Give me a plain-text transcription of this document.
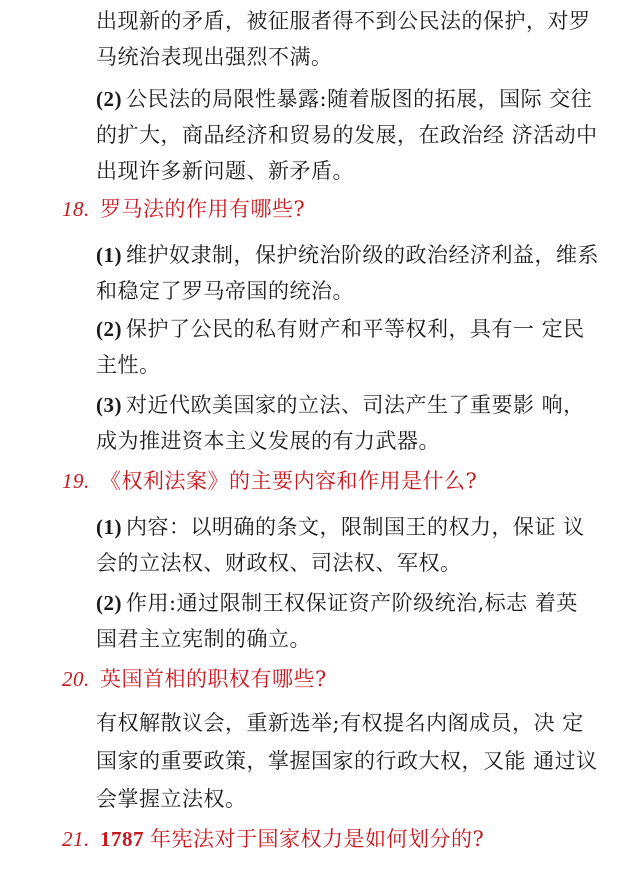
出现新的矛盾，被征服者得不到公民法的保护，对罗
马统治表现出强烈不满。
(2) 公民法的局限性暴露:随着版图的拓展，国际 交往
的扩大，商品经济和贸易的发展，在政治经 济活动中
出现许多新问题、新矛盾。
18. 罗马法的作用有哪些?
(1) 维护奴隶制，保护统治阶级的政治经济利益，维系
和稳定了罗马帝国的统治。
(2) 保护了公民的私有财产和平等权利，具有一 定民
主性。
(3) 对近代欧美国家的立法、司法产生了重要影 响，
成为推进资本主义发展的有力武器。
19. 《权利法案》的主要内容和作用是什么?
(1) 内容：以明确的条文，限制国王的权力，保证 议
会的立法权、财政权、司法权、军权。
(2) 作用:通过限制王权保证资产阶级统治,标志 着英
国君主立宪制的确立。
20. 英国首相的职权有哪些?
有权解散议会，重新选举;有权提名内阁成员，决 定
国家的重要政策，掌握国家的行政大权，又能 通过议
会掌握立法权。
21. 1787 年宪法对于国家权力是如何划分的?
